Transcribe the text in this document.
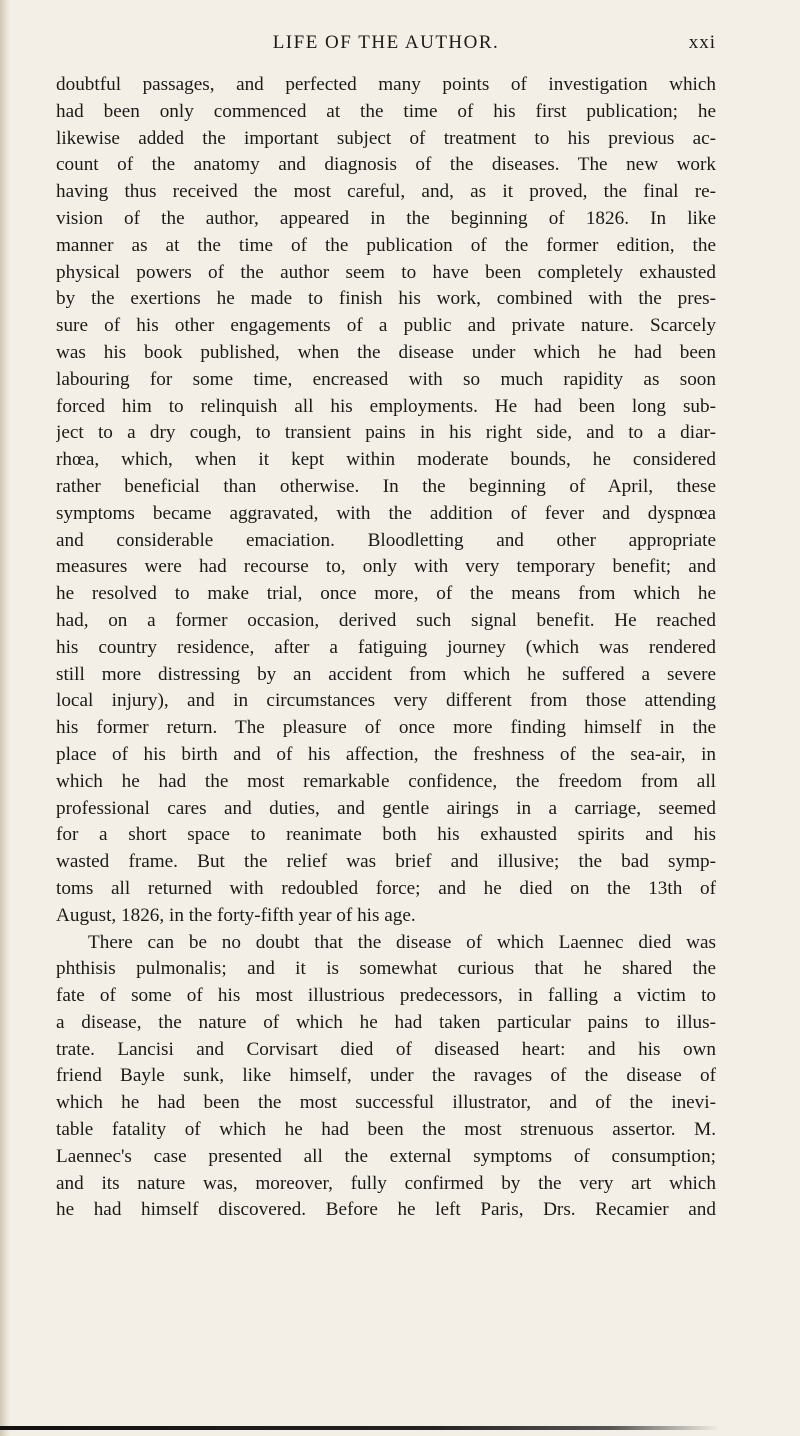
LIFE OF THE AUTHOR.	xxi
doubtful passages, and perfected many points of investigation which
had been only commenced at the time of his first publication; he
likewise added the important subject of treatment to his previous ac-
count of the anatomy and diagnosis of the diseases. The new work
having thus received the most careful, and, as it proved, the final re-
vision of the author, appeared in the beginning of 1826. In like
manner as at the time of the publication of the former edition, the
physical powers of the author seem to have been completely exhausted
by the exertions he made to finish his work, combined with the pres-
sure of his other engagements of a public and private nature. Scarcely
was his book published, when the disease under which he had been
labouring for some time, encreased with so much rapidity as soon
forced him to relinquish all his employments. He had been long sub-
ject to a dry cough, to transient pains in his right side, and to a diar-
rhœa, which, when it kept within moderate bounds, he considered
rather beneficial than otherwise. In the beginning of April, these
symptoms became aggravated, with the addition of fever and dyspnœa
and considerable emaciation. Bloodletting and other appropriate
measures were had recourse to, only with very temporary benefit; and
he resolved to make trial, once more, of the means from which he
had, on a former occasion, derived such signal benefit. He reached
his country residence, after a fatiguing journey (which was rendered
still more distressing by an accident from which he suffered a severe
local injury), and in circumstances very different from those attending
his former return. The pleasure of once more finding himself in the
place of his birth and of his affection, the freshness of the sea-air, in
which he had the most remarkable confidence, the freedom from all
professional cares and duties, and gentle airings in a carriage, seemed
for a short space to reanimate both his exhausted spirits and his
wasted frame. But the relief was brief and illusive; the bad symp-
toms all returned with redoubled force; and he died on the 13th of
August, 1826, in the forty-fifth year of his age.
There can be no doubt that the disease of which Laennec died was
phthisis pulmonalis; and it is somewhat curious that he shared the
fate of some of his most illustrious predecessors, in falling a victim to
a disease, the nature of which he had taken particular pains to illus-
trate. Lancisi and Corvisart died of diseased heart: and his own
friend Bayle sunk, like himself, under the ravages of the disease of
which he had been the most successful illustrator, and of the inevi-
table fatality of which he had been the most strenuous assertor. M.
Laennec's case presented all the external symptoms of consumption;
and its nature was, moreover, fully confirmed by the very art which
he had himself discovered. Before he left Paris, Drs. Recamier and
